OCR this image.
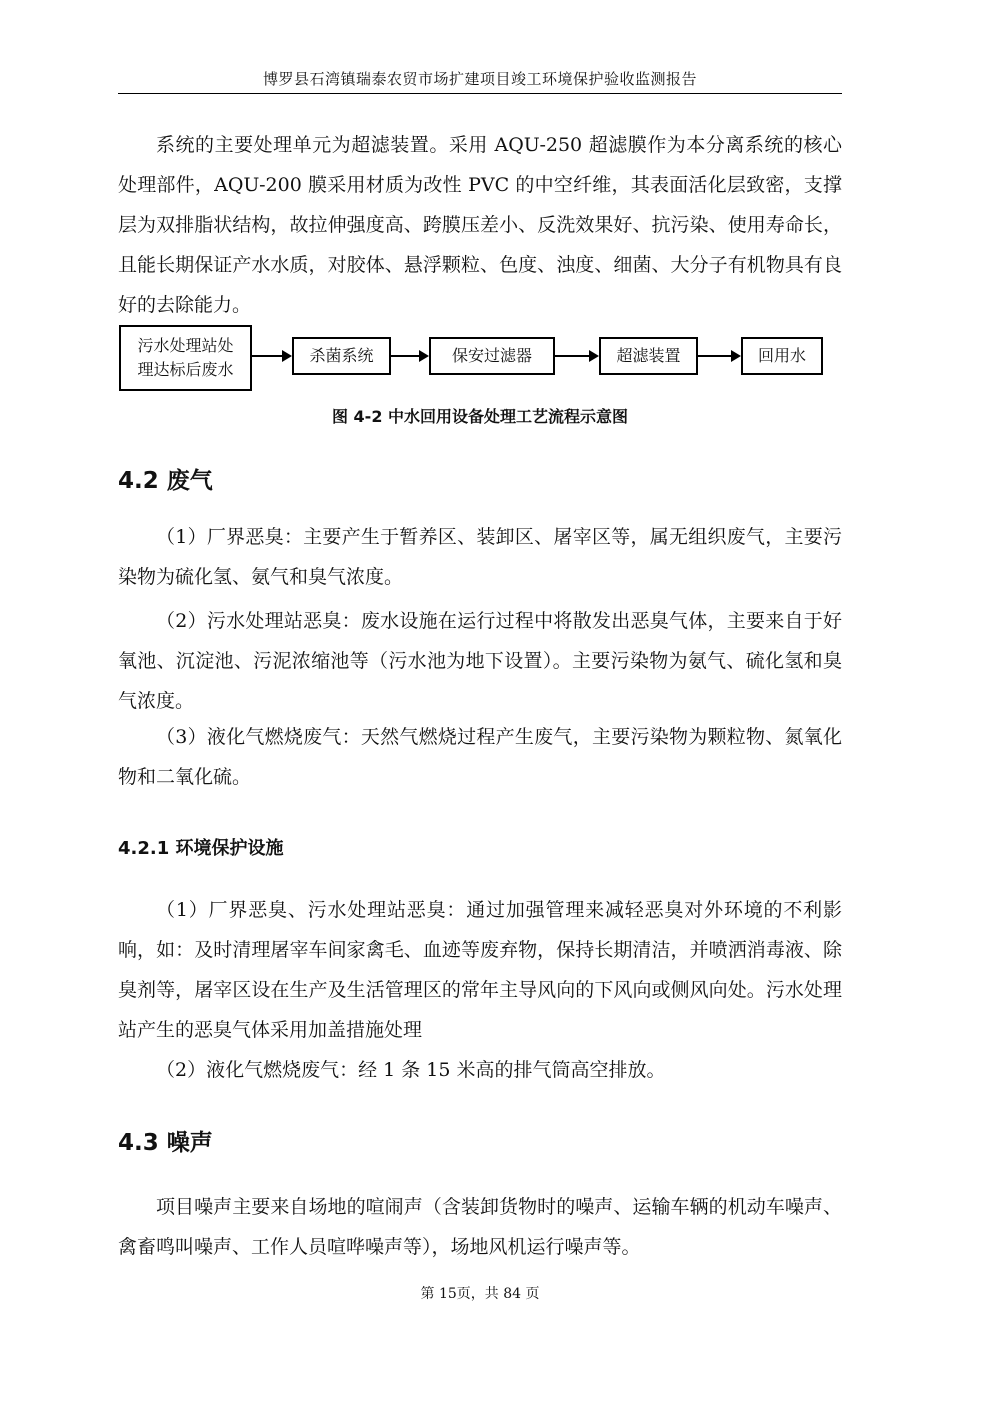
博罗县石湾镇瑞泰农贸市场扩建项目竣工环境保护验收监测报告

系统的主要处理单元为超滤装置。采用 AQU-250 超滤膜作为本分离系统的核心处理部件，AQU-200 膜采用材质为改性 PVC 的中空纤维，其表面活化层致密，支撑层为双排脂状结构，故拉伸强度高、跨膜压差小、反洗效果好、抗污染、使用寿命长，且能长期保证产水水质，对胶体、悬浮颗粒、色度、浊度、细菌、大分子有机物具有良好的去除能力。

污水处理站处理达标后废水
杀菌系统	保安过滤器	超滤装置	回用水
图 4-2 中水回用设备处理工艺流程示意图
4.2 废气

（1）厂界恶臭：主要产生于暂养区、装卸区、屠宰区等，属无组织废气，主要污染物为硫化氢、氨气和臭气浓度。

（2）污水处理站恶臭：废水设施在运行过程中将散发出恶臭气体，主要来自于好氧池、沉淀池、污泥浓缩池等（污水池为地下设置）。主要污染物为氨气、硫化氢和臭气浓度。

（3）液化气燃烧废气：天然气燃烧过程产生废气，主要污染物为颗粒物、氮氧化物和二氧化硫。

4.2.1 环境保护设施

（1）厂界恶臭、污水处理站恶臭：通过加强管理来减轻恶臭对外环境的不利影响，如：及时清理屠宰车间家禽毛、血迹等废弃物，保持长期清洁，并喷洒消毒液、除臭剂等，屠宰区设在生产及生活管理区的常年主导风向的下风向或侧风向处。污水处理站产生的恶臭气体采用加盖措施处理

（2）液化气燃烧废气：经 1 条 15 米高的排气筒高空排放。

4.3 噪声

项目噪声主要来自场地的喧闹声（含装卸货物时的噪声、运输车辆的机动车噪声、禽畜鸣叫噪声、工作人员喧哗噪声等），场地风机运行噪声等。

第 15页，共 84 页
